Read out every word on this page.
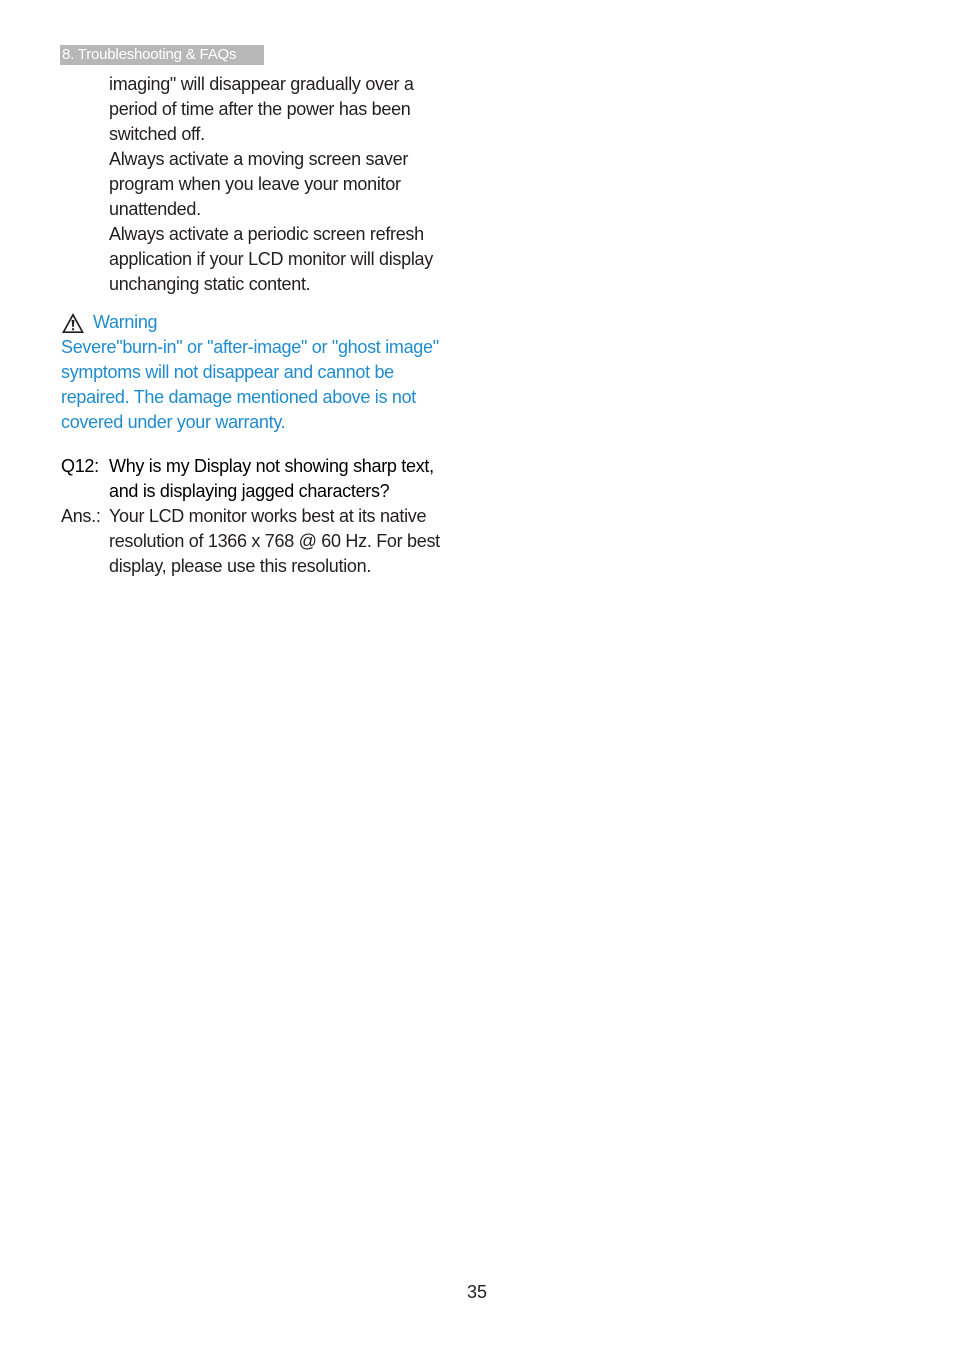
8. Troubleshooting & FAQs

imaging" will disappear gradually over a period of time after the power has been switched off.

Always activate a moving screen saver program when you leave your monitor unattended.

Always activate a periodic screen refresh application if your LCD monitor will display unchanging static content.

Warning

Severe"burn-in" or "after-image" or "ghost image" symptoms will not disappear and cannot be repaired. The damage mentioned above is not covered under your warranty.

Q12: Why is my Display not showing sharp text, and is displaying jagged characters?
Ans.: Your LCD monitor works best at its native resolution of 1366 x 768 @ 60 Hz. For best display, please use this resolution.
35
